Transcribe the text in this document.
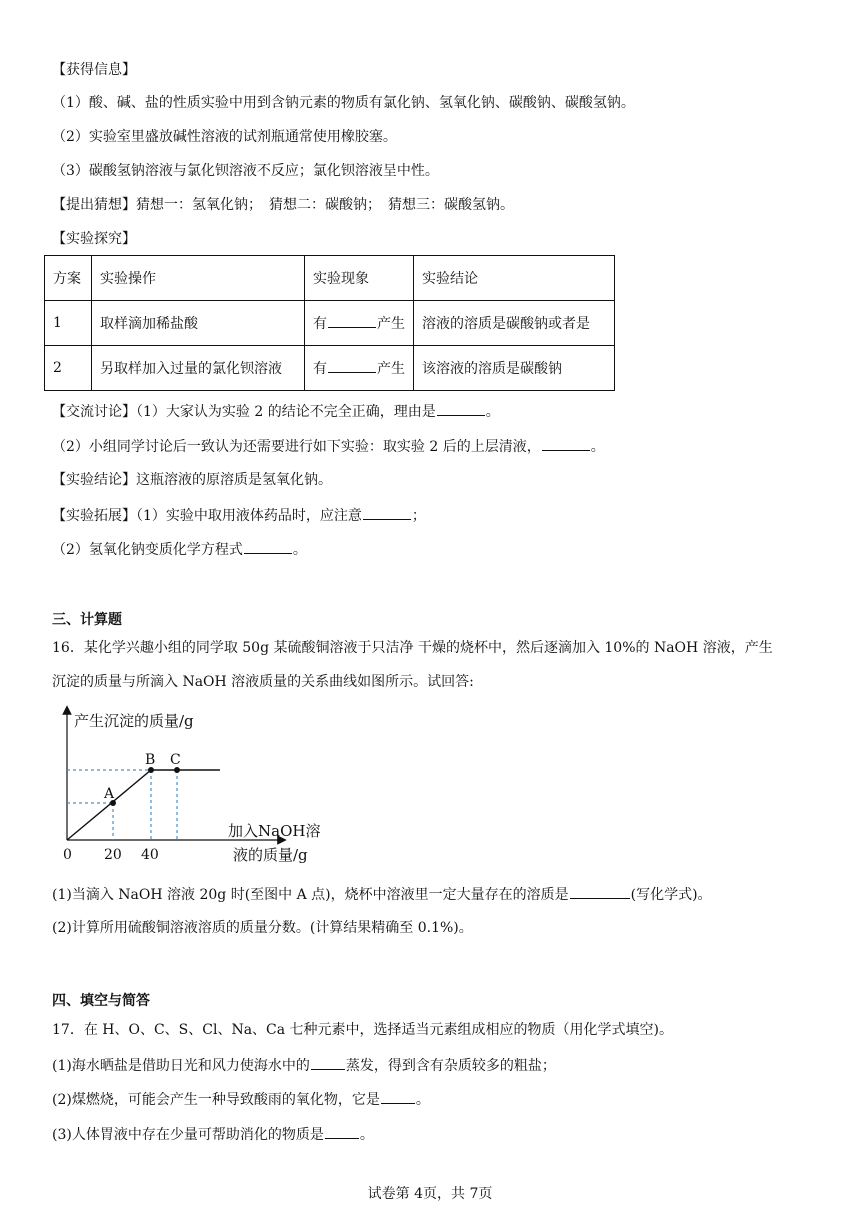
【获得信息】
（1）酸、碱、盐的性质实验中用到含钠元素的物质有氯化钠、氢氧化钠、碳酸钠、碳酸氢钠。
（2）实验室里盛放碱性溶液的试剂瓶通常使用橡胶塞。
（3）碳酸氢钠溶液与氯化钡溶液不反应；氯化钡溶液呈中性。
【提出猜想】猜想一：氢氧化钠；　猜想二：碳酸钠；　猜想三：碳酸氢钠。
【实验探究】
方案	实验操作	实验现象	实验结论
1	取样滴加稀盐酸	有 产生	溶液的溶质是碳酸钠或者是
2	另取样加入过量的氯化钡溶液	有 产生	该溶液的溶质是碳酸钠
【交流讨论】（1）大家认为实验 2 的结论不完全正确，理由是	。
（2）小组同学讨论后一致认为还需要进行如下实验：取实验 2 后的上层清液，	。
【实验结论】这瓶溶液的原溶质是氢氧化钠。
【实验拓展】（1）实验中取用液体药品时，应注意	；
（2）氢氧化钠变质化学方程式	。
三、计算题
16．某化学兴趣小组的同学取 50g 某硫酸铜溶液于只洁净 干燥的烧杯中，然后逐滴加入 10%的 NaOH 溶液，产生
沉淀的质量与所滴入 NaOH 溶液质量的关系曲线如图所示。试回答:
产生沉淀的质量/g
A
B C
加入NaOH溶
液的质量/g
0 20 40
(1)当滴入 NaOH 溶液 20g 时(至图中 A 点)，烧杯中溶液里一定大量存在的溶质是	(写化学式)。
(2)计算所用硫酸铜溶液溶质的质量分数。(计算结果精确至 0.1%)。
四、填空与简答
17．在 H、O、C、S、Cl、Na、Ca 七种元素中，选择适当元素组成相应的物质（用化学式填空)。
(1)海水晒盐是借助日光和风力使海水中的	蒸发，得到含有杂质较多的粗盐；
(2)煤燃烧，可能会产生一种导致酸雨的氧化物，它是	。
(3)人体胃液中存在少量可帮助消化的物质是	。
试卷第 4页，共 7页
